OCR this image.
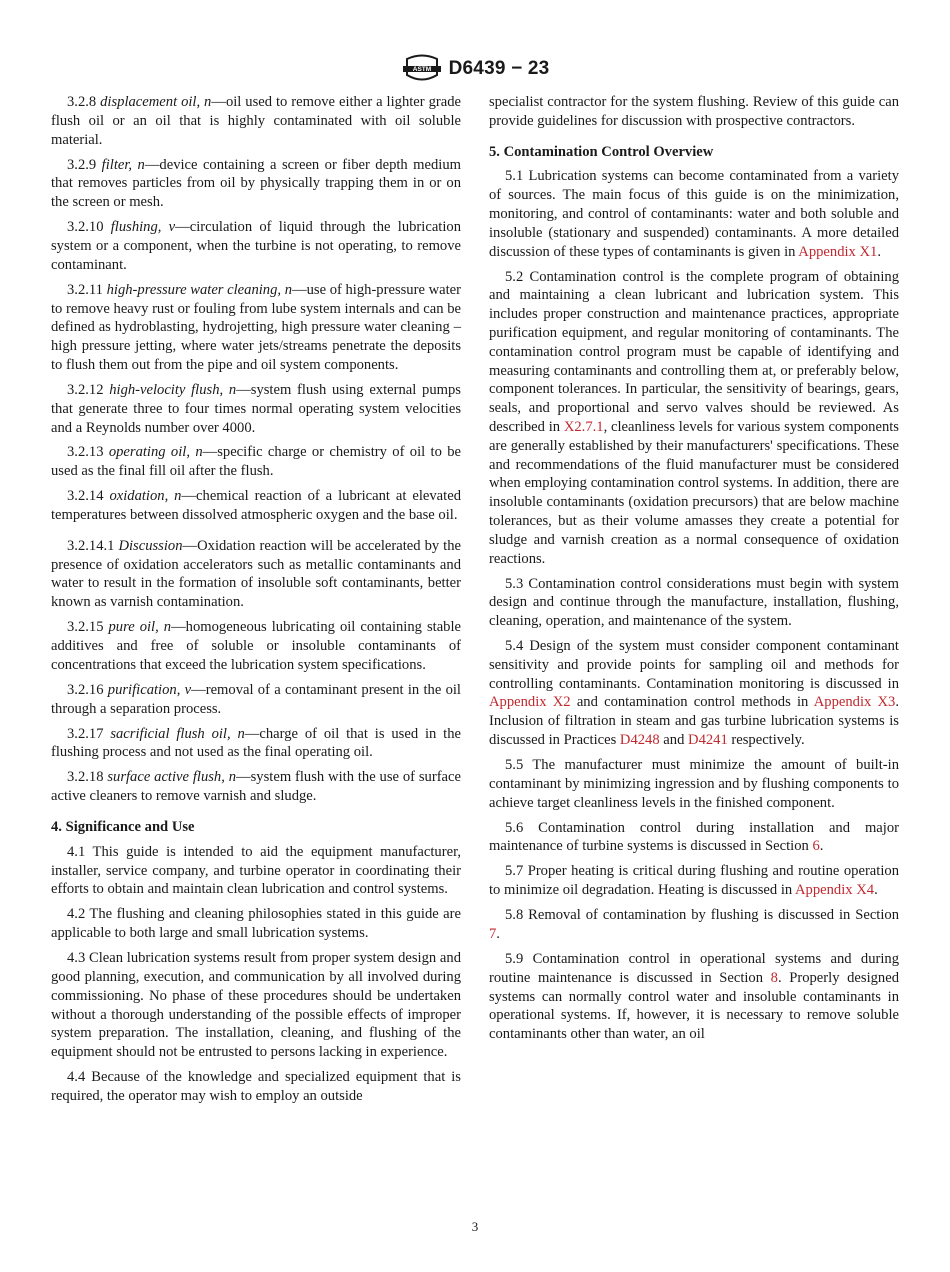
ASTM D6439 − 23

3.2.8 displacement oil, n—oil used to remove either a lighter grade flush oil or an oil that is highly contaminated with oil soluble material.

3.2.9 filter, n—device containing a screen or fiber depth medium that removes particles from oil by physically trapping them in or on the screen or mesh.

3.2.10 flushing, v—circulation of liquid through the lubrication system or a component, when the turbine is not operating, to remove contaminant.

3.2.11 high-pressure water cleaning, n—use of high-pressure water to remove heavy rust or fouling from lube system internals and can be defined as hydroblasting, hydrojetting, high pressure water cleaning – high pressure jetting, where water jets/streams penetrate the deposits to flush them out from the pipe and oil system components.

3.2.12 high-velocity flush, n—system flush using external pumps that generate three to four times normal operating system velocities and a Reynolds number over 4000.

3.2.13 operating oil, n—specific charge or chemistry of oil to be used as the final fill oil after the flush.

3.2.14 oxidation, n—chemical reaction of a lubricant at elevated temperatures between dissolved atmospheric oxygen and the base oil.

3.2.14.1 Discussion—Oxidation reaction will be accelerated by the presence of oxidation accelerators such as metallic contaminants and water to result in the formation of insoluble soft contaminants, better known as varnish contamination.

3.2.15 pure oil, n—homogeneous lubricating oil containing stable additives and free of soluble or insoluble contaminants of concentrations that exceed the lubrication system specifications.

3.2.16 purification, v—removal of a contaminant present in the oil through a separation process.

3.2.17 sacrificial flush oil, n—charge of oil that is used in the flushing process and not used as the final operating oil.

3.2.18 surface active flush, n—system flush with the use of surface active cleaners to remove varnish and sludge.

4. Significance and Use

4.1 This guide is intended to aid the equipment manufacturer, installer, service company, and turbine operator in coordinating their efforts to obtain and maintain clean lubrication and control systems.

4.2 The flushing and cleaning philosophies stated in this guide are applicable to both large and small lubrication systems.

4.3 Clean lubrication systems result from proper system design and good planning, execution, and communication by all involved during commissioning. No phase of these procedures should be undertaken without a thorough understanding of the possible effects of improper system preparation. The installation, cleaning, and flushing of the equipment should not be entrusted to persons lacking in experience.

4.4 Because of the knowledge and specialized equipment that is required, the operator may wish to employ an outside

specialist contractor for the system flushing. Review of this guide can provide guidelines for discussion with prospective contractors.

5. Contamination Control Overview

5.1 Lubrication systems can become contaminated from a variety of sources. The main focus of this guide is on the minimization, monitoring, and control of contaminants: water and both soluble and insoluble (stationary and suspended) contaminants. A more detailed discussion of these types of contaminants is given in Appendix X1.

5.2 Contamination control is the complete program of obtaining and maintaining a clean lubricant and lubrication system. This includes proper construction and maintenance practices, appropriate purification equipment, and regular monitoring of contaminants. The contamination control program must be capable of identifying and measuring contaminants and controlling them at, or preferably below, component tolerances. In particular, the sensitivity of bearings, gears, seals, and proportional and servo valves should be reviewed. As described in X2.7.1, cleanliness levels for various system components are generally established by their manufacturers' specifications. These and recommendations of the fluid manufacturer must be considered when employing contamination control systems. In addition, there are insoluble contaminants (oxidation precursors) that are below machine tolerances, but as their volume amasses they create a potential for sludge and varnish creation as a normal consequence of oxidation reactions.

5.3 Contamination control considerations must begin with system design and continue through the manufacture, installation, flushing, cleaning, operation, and maintenance of the system.

5.4 Design of the system must consider component contaminant sensitivity and provide points for sampling oil and methods for controlling contaminants. Contamination monitoring is discussed in Appendix X2 and contamination control methods in Appendix X3. Inclusion of filtration in steam and gas turbine lubrication systems is discussed in Practices D4248 and D4241 respectively.

5.5 The manufacturer must minimize the amount of built-in contaminant by minimizing ingression and by flushing components to achieve target cleanliness levels in the finished component.

5.6 Contamination control during installation and major maintenance of turbine systems is discussed in Section 6.

5.7 Proper heating is critical during flushing and routine operation to minimize oil degradation. Heating is discussed in Appendix X4.

5.8 Removal of contamination by flushing is discussed in Section 7.

5.9 Contamination control in operational systems and during routine maintenance is discussed in Section 8. Properly designed systems can normally control water and insoluble contaminants in operational systems. If, however, it is necessary to remove soluble contaminants other than water, an oil

3
